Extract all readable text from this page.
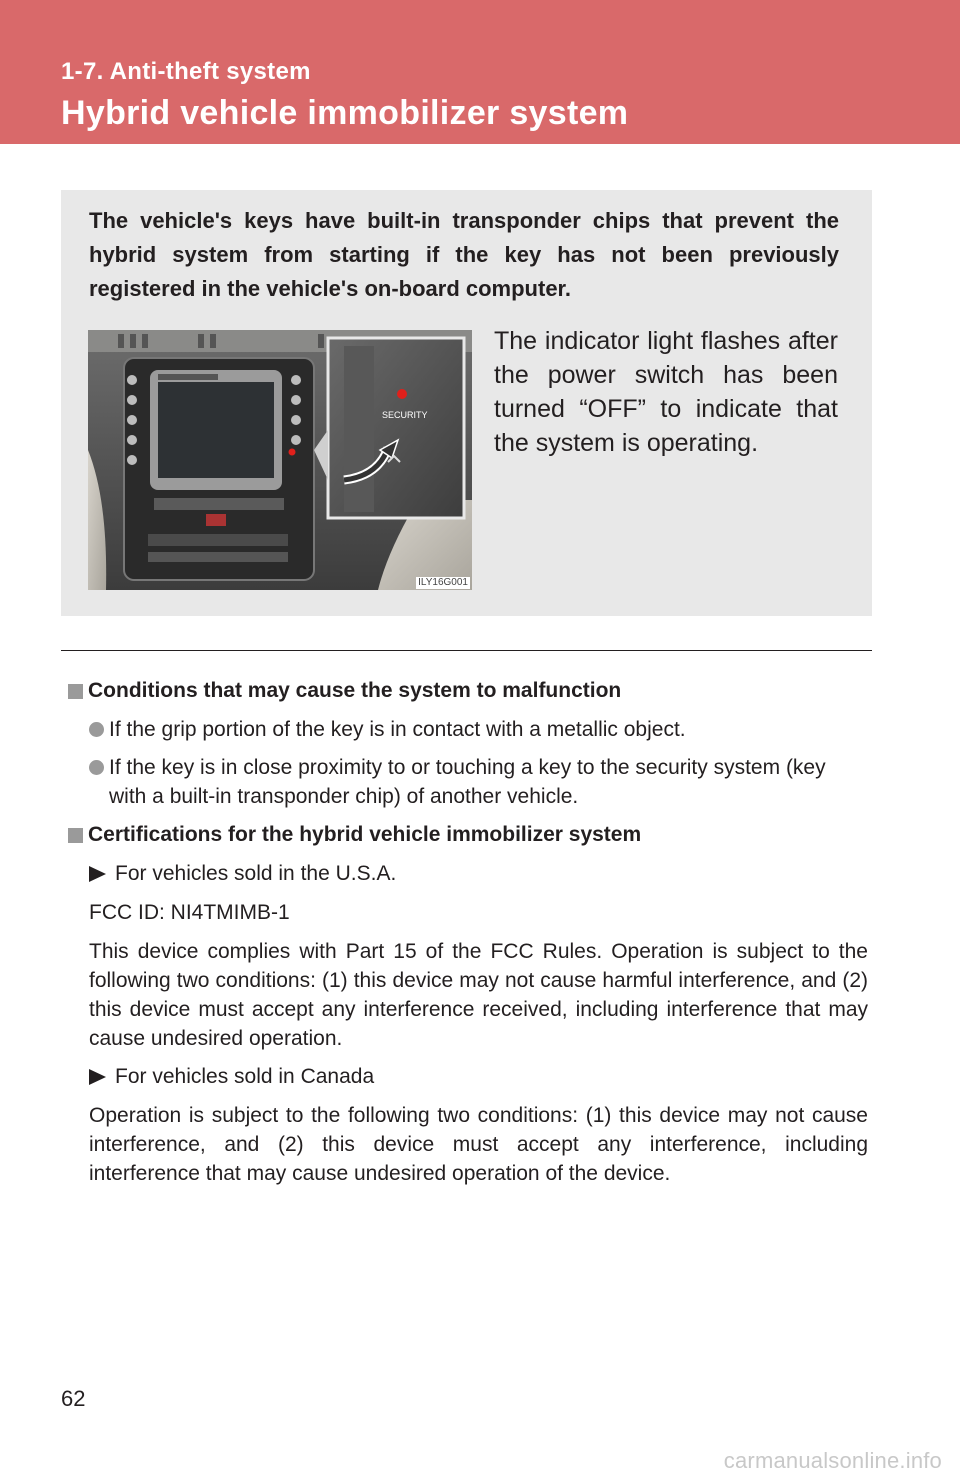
1-7. Anti-theft system
Hybrid vehicle immobilizer system
The vehicle's keys have built-in transponder chips that prevent the hybrid system from starting if the key has not been previously registered in the vehicle's on-board computer.
SECURITY
ILY16G001
The indicator light flashes after the power switch has been turned “OFF” to indicate that the system is operating.
Conditions that may cause the system to malfunction
If the grip portion of the key is in contact with a metallic object.
If the key is in close proximity to or touching a key to the security system (key with a built-in transponder chip) of another vehicle.
Certifications for the hybrid vehicle immobilizer system
For vehicles sold in the U.S.A.
FCC ID: NI4TMIMB-1
This device complies with Part 15 of the FCC Rules. Operation is subject to the following two conditions: (1) this device may not cause harmful interference, and (2) this device must accept any interference received, including interference that may cause undesired operation.
For vehicles sold in Canada
Operation is subject to the following two conditions: (1) this device may not cause interference, and (2) this device must accept any interference, including interference that may cause undesired operation of the device.
62
carmanualsonline.info
